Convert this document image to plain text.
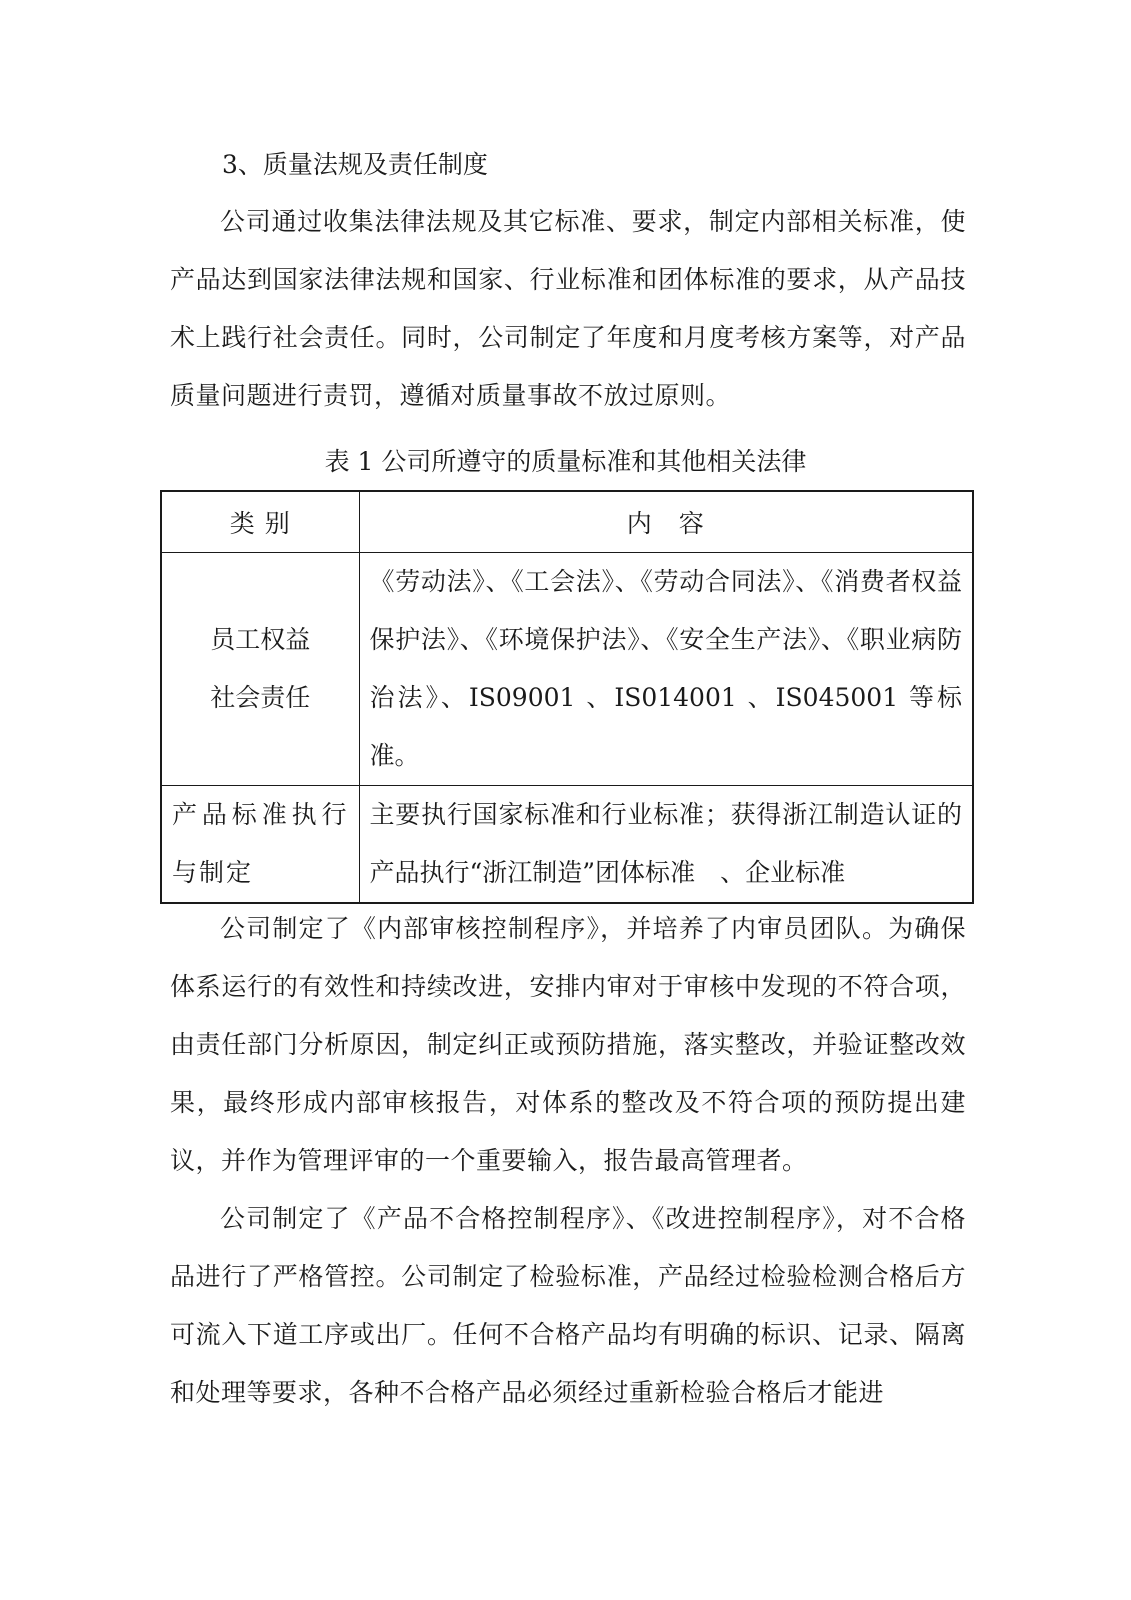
3、质量法规及责任制度
公司通过收集法律法规及其它标准、要求，制定内部相关标准，使产品达到国家法律法规和国家、行业标准和团体标准的要求，从产品技术上践行社会责任。同时，公司制定了年度和月度考核方案等，对产品质量问题进行责罚，遵循对质量事故不放过原则。
表 1 公司所遵守的质量标准和其他相关法律
类 别	内　容

员工权益
社会责任	《劳动法》、《工会法》、《劳动合同法》、《消费者权益保护法》、《环境保护法》、《安全生产法》、《职业病防治法》、IS09001 、IS014001 、IS045001 等标准。

产品标准执行
与制定	主要执行国家标准和行业标准；获得浙江制造认证的产品执行“浙江制造”团体标准　、企业标准
公司制定了《内部审核控制程序》，并培养了内审员团队。为确保体系运行的有效性和持续改进，安排内审对于审核中发现的不符合项，由责任部门分析原因，制定纠正或预防措施，落实整改，并验证整改效果，最终形成内部审核报告，对体系的整改及不符合项的预防提出建议，并作为管理评审的一个重要输入，报告最高管理者。
公司制定了《产品不合格控制程序》、《改进控制程序》，对不合格品进行了严格管控。公司制定了检验标准，产品经过检验检测合格后方可流入下道工序或出厂。任何不合格产品均有明确的标识、记录、隔离和处理等要求，各种不合格产品必须经过重新检验合格后才能进
